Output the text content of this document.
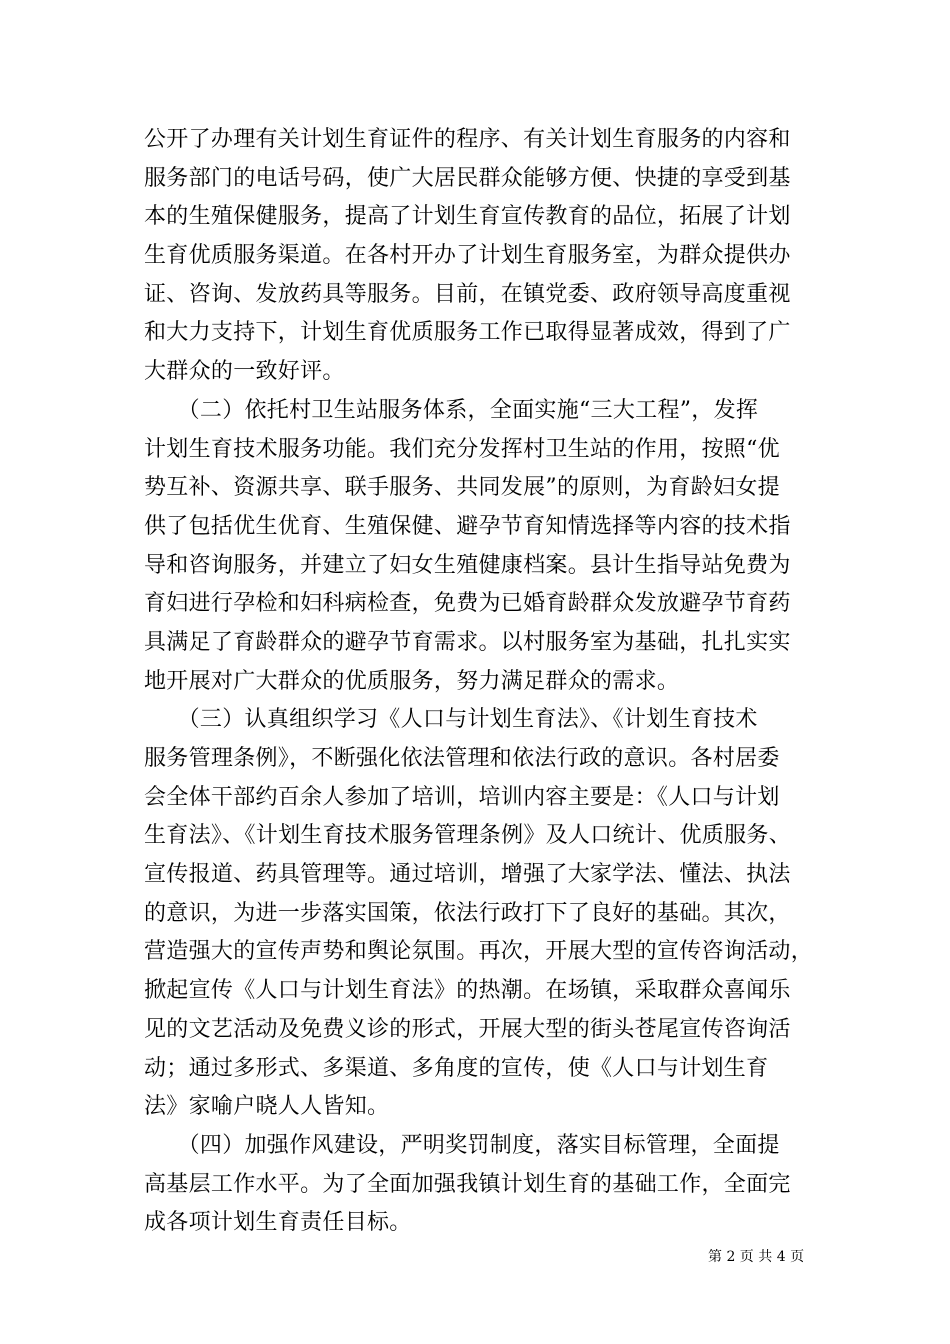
公开了办理有关计划生育证件的程序、有关计划生育服务的内容和
服务部门的电话号码，使广大居民群众能够方便、快捷的享受到基
本的生殖保健服务，提高了计划生育宣传教育的品位，拓展了计划
生育优质服务渠道。在各村开办了计划生育服务室，为群众提供办
证、咨询、发放药具等服务。目前，在镇党委、政府领导高度重视
和大力支持下，计划生育优质服务工作已取得显著成效，得到了广
大群众的一致好评。
　　（二）依托村卫生站服务体系，全面实施“三大工程”，发挥
计划生育技术服务功能。我们充分发挥村卫生站的作用，按照“优
势互补、资源共享、联手服务、共同发展”的原则，为育龄妇女提
供了包括优生优育、生殖保健、避孕节育知情选择等内容的技术指
导和咨询服务，并建立了妇女生殖健康档案。县计生指导站免费为
育妇进行孕检和妇科病检查，免费为已婚育龄群众发放避孕节育药
具满足了育龄群众的避孕节育需求。以村服务室为基础，扎扎实实
地开展对广大群众的优质服务，努力满足群众的需求。
　　（三）认真组织学习《人口与计划生育法》、《计划生育技术
服务管理条例》，不断强化依法管理和依法行政的意识。各村居委
会全体干部约百余人参加了培训，培训内容主要是：《人口与计划
生育法》、《计划生育技术服务管理条例》及人口统计、优质服务、
宣传报道、药具管理等。通过培训，增强了大家学法、懂法、执法
的意识，为进一步落实国策，依法行政打下了良好的基础。其次，
营造强大的宣传声势和舆论氛围。再次，开展大型的宣传咨询活动，
掀起宣传《人口与计划生育法》的热潮。在场镇，采取群众喜闻乐
见的文艺活动及免费义诊的形式，开展大型的街头苍尾宣传咨询活
动；通过多形式、多渠道、多角度的宣传，使《人口与计划生育
法》家喻户晓人人皆知。
　　（四）加强作风建设，严明奖罚制度，落实目标管理，全面提
高基层工作水平。为了全面加强我镇计划生育的基础工作，全面完
成各项计划生育责任目标。
第 2 页 共 4 页
